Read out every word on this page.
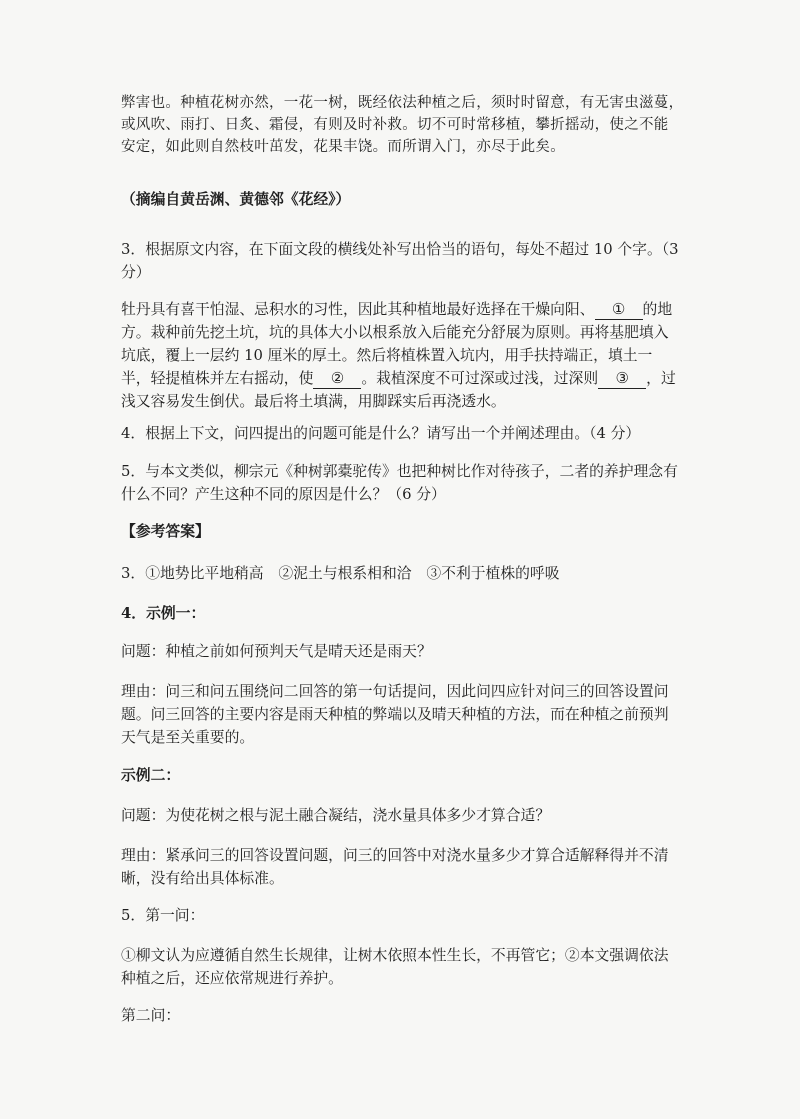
弊害也。种植花树亦然，一花一树，既经依法种植之后，须时时留意，有无害虫滋蔓，
或风吹、雨打、日炙、霜侵，有则及时补救。切不可时常移植，攀折摇动，使之不能
安定，如此则自然枝叶茁发，花果丰饶。而所谓入门，亦尽于此矣。
（摘编自黄岳渊、黄德邻《花经》）
3．根据原文内容，在下面文段的横线处补写出恰当的语句，每处不超过 10 个字。（3 分）
牡丹具有喜干怕湿、忌积水的习性，因此其种植地最好选择在干燥向阳、 ① 的地方。栽种前先挖土坑，坑的具体大小以根系放入后能充分舒展为原则。再将基肥填入坑底，覆上一层约 10 厘米的厚土。然后将植株置入坑内，用手扶持端正，填土一半，轻提植株并左右摇动，使 ② 。栽植深度不可过深或过浅，过深则 ③ ，过浅又容易发生倒伏。最后将土填满，用脚踩实后再浇透水。
4．根据上下文，问四提出的问题可能是什么？请写出一个并阐述理由。（4 分）
5．与本文类似，柳宗元《种树郭橐驼传》也把种树比作对待孩子，二者的养护理念有什么不同？产生这种不同的原因是什么？（6 分）
【参考答案】
3．①地势比平地稍高　②泥土与根系相和洽　③不利于植株的呼吸
4．示例一：
问题：种植之前如何预判天气是晴天还是雨天？
理由：问三和问五围绕问二回答的第一句话提问，因此问四应针对问三的回答设置问题。问三回答的主要内容是雨天种植的弊端以及晴天种植的方法，而在种植之前预判天气是至关重要的。
示例二：
问题：为使花树之根与泥土融合凝结，浇水量具体多少才算合适？
理由：紧承问三的回答设置问题，问三的回答中对浇水量多少才算合适解释得并不清晰，没有给出具体标准。
5．第一问：
①柳文认为应遵循自然生长规律，让树木依照本性生长，不再管它；②本文强调依法种植之后，还应依常规进行养护。
第二问：
